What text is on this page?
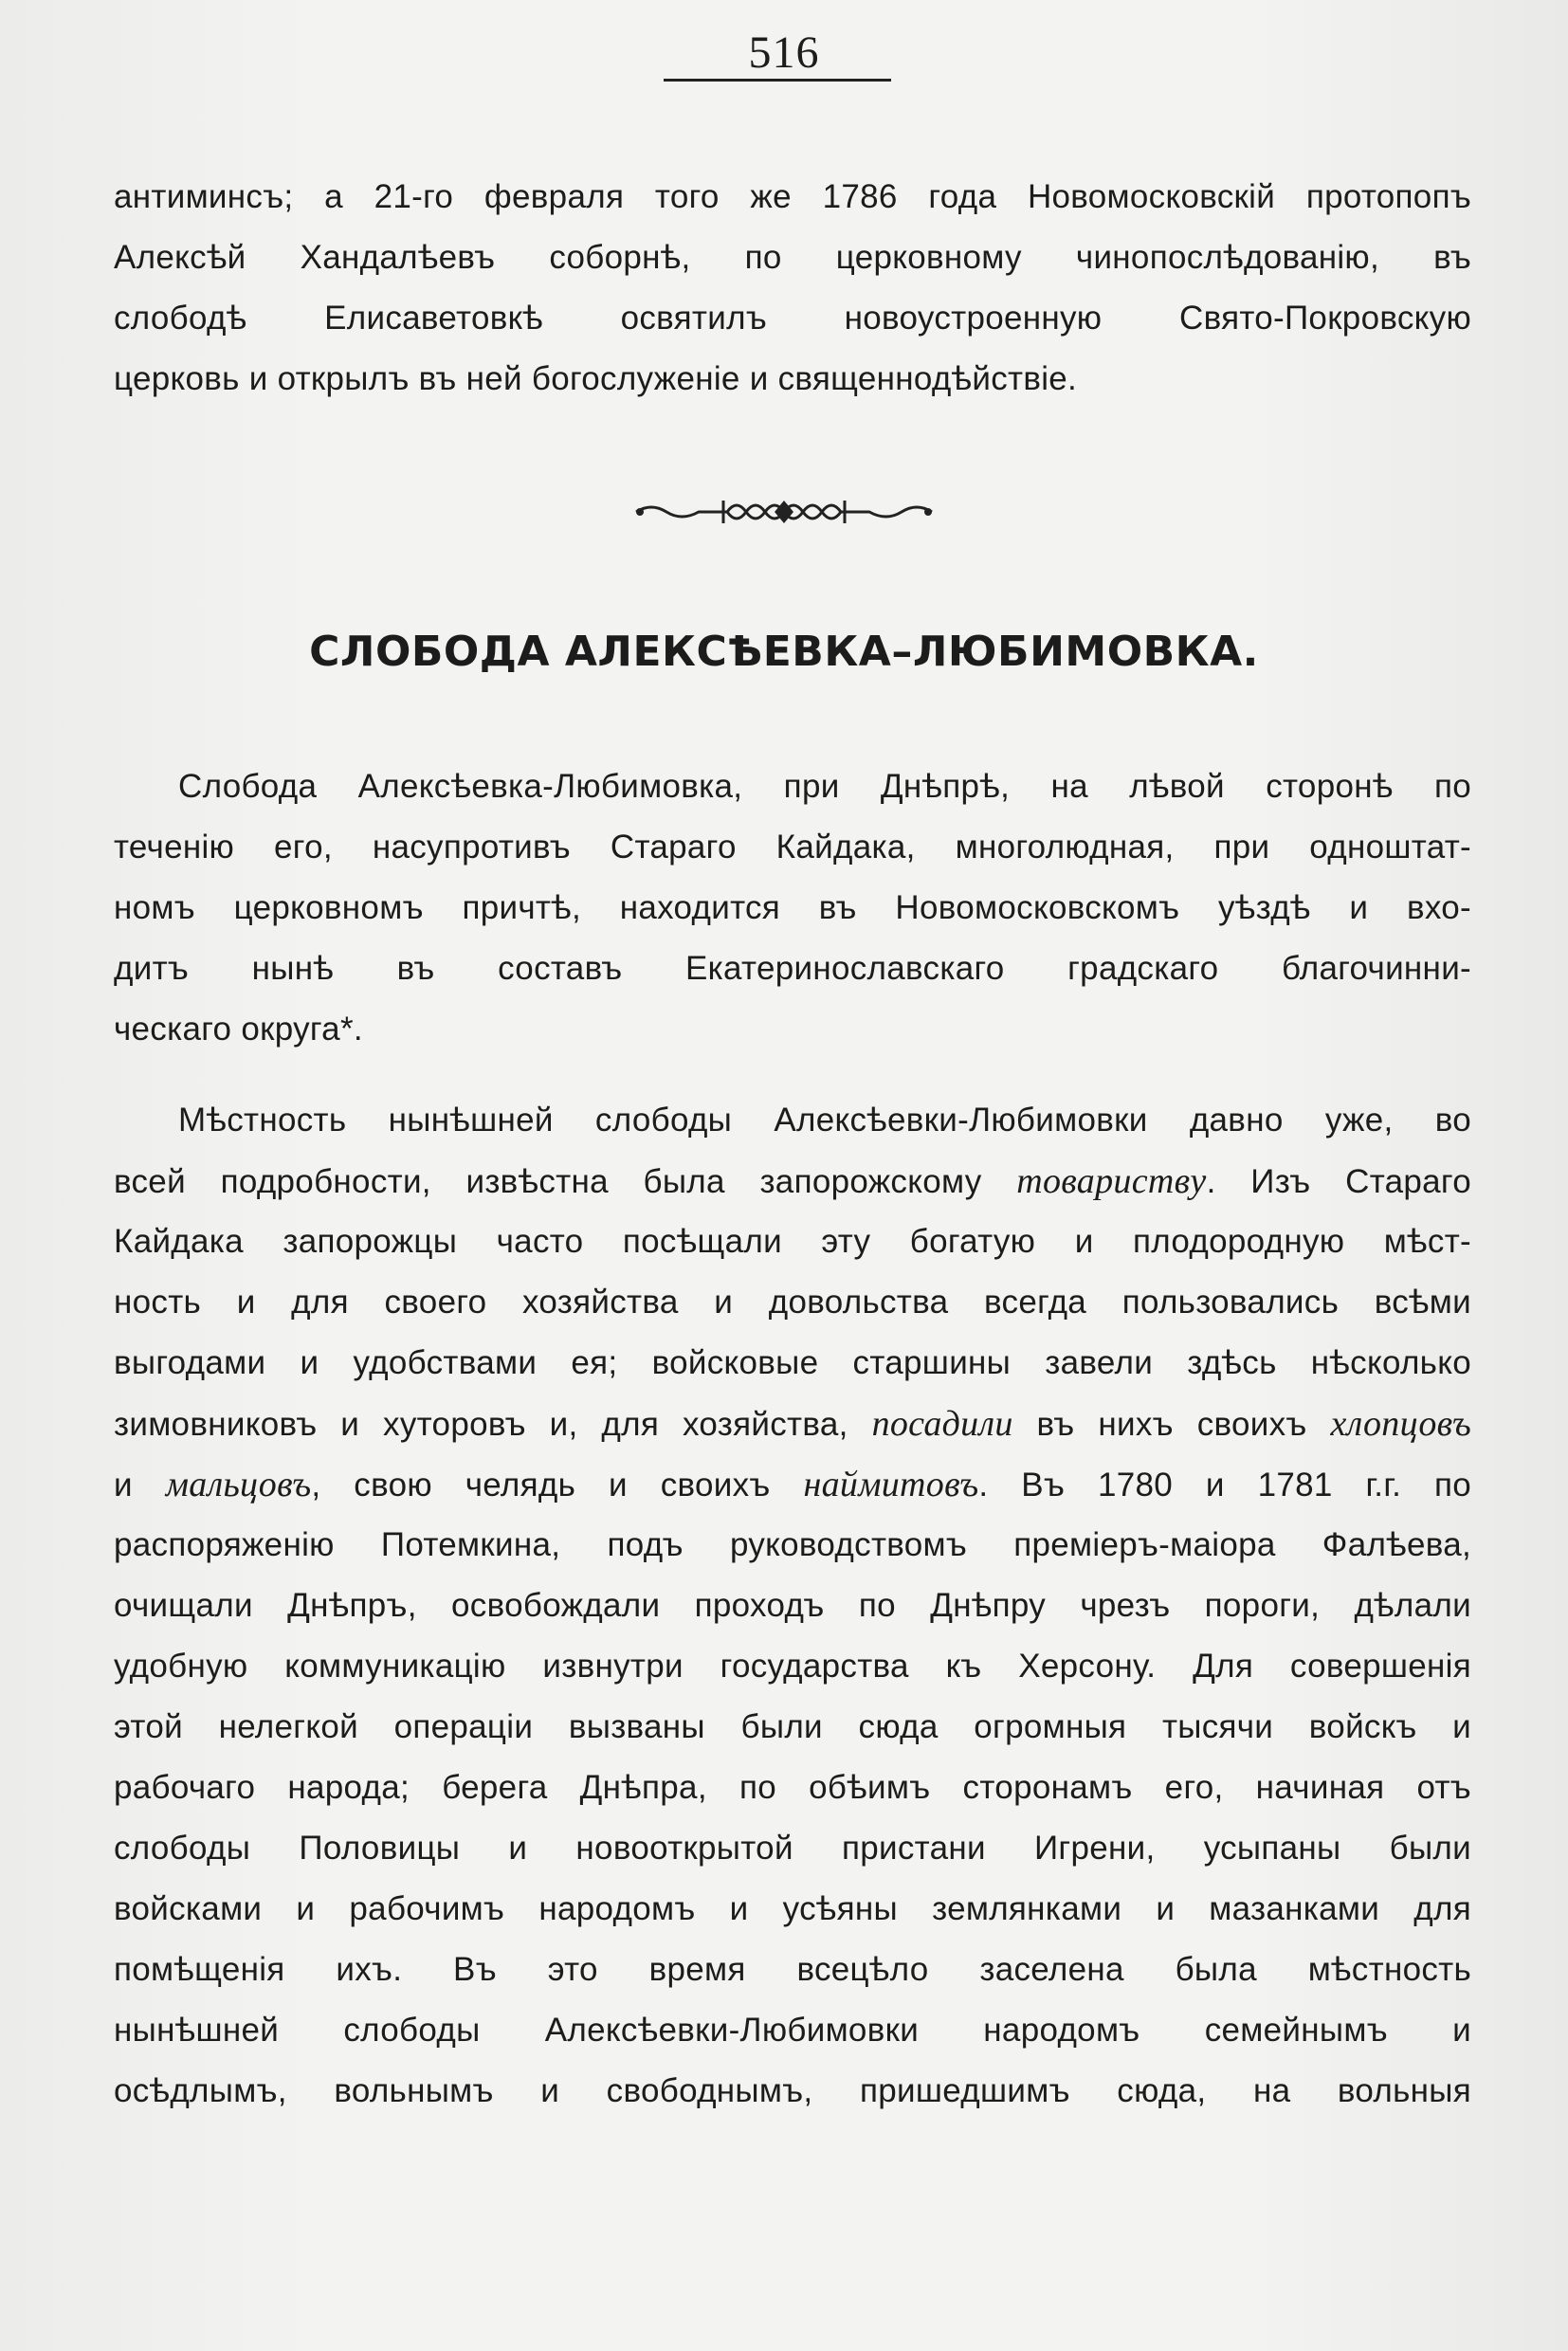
516
антиминсъ; а 21-го февраля того же 1786 года Новомосковскій протопопъ
Алексѣй Хандалѣевъ соборнѣ, по церковному чинопослѣдованію, въ
слободѣ Елисаветовкѣ освятилъ новоустроенную Свято-Покровскую
церковь и открылъ въ ней богослуженіе и священнодѣйствіе.
СЛОБОДА АЛЕКСѢЕВКА–ЛЮБИМОВКА.
Слобода Алексѣевка-Любимовка, при Днѣпрѣ, на лѣвой сторонѣ по
теченію его, насупротивъ Стараго Кайдака, многолюдная, при одноштат-
номъ церковномъ причтѣ, находится въ Новомосковскомъ уѣздѣ и вхо-
дитъ нынѣ въ составъ Екатеринославскаго градскаго благочинни-
ческаго округа*.
Мѣстность нынѣшней слободы Алексѣевки-Любимовки давно уже, во
всей подробности, извѣстна была запорожскому товариству. Изъ Стараго
Кайдака запорожцы часто посѣщали эту богатую и плодородную мѣст-
ность и для своего хозяйства и довольства всегда пользовались всѣми
выгодами и удобствами ея; войсковые старшины завели здѣсь нѣсколько
зимовниковъ и хуторовъ и, для хозяйства, посадили въ нихъ своихъ хлопцовъ
и мальцовъ, свою челядь и своихъ наймитовъ. Въ 1780 и 1781 г.г. по
распоряженію Потемкина, подъ руководствомъ премiеръ-маіора Фалѣева,
очищали Днѣпръ, освобождали проходъ по Днѣпру чрезъ пороги, дѣлали
удобную коммуникацію извнутри государства къ Херсону. Для совершенія
этой нелегкой операціи вызваны были сюда огромныя тысячи войскъ и
рабочаго народа; берега Днѣпра, по обѣимъ сторонамъ его, начиная отъ
слободы Половицы и новооткрытой пристани Игрени, усыпаны были
войсками и рабочимъ народомъ и усѣяны землянками и мазанками для
помѣщенія ихъ. Въ это время всецѣло заселена была мѣстность
нынѣшней слободы Алексѣевки-Любимовки народомъ семейнымъ и
осѣдлымъ, вольнымъ и свободнымъ, пришедшимъ сюда, на вольныя
